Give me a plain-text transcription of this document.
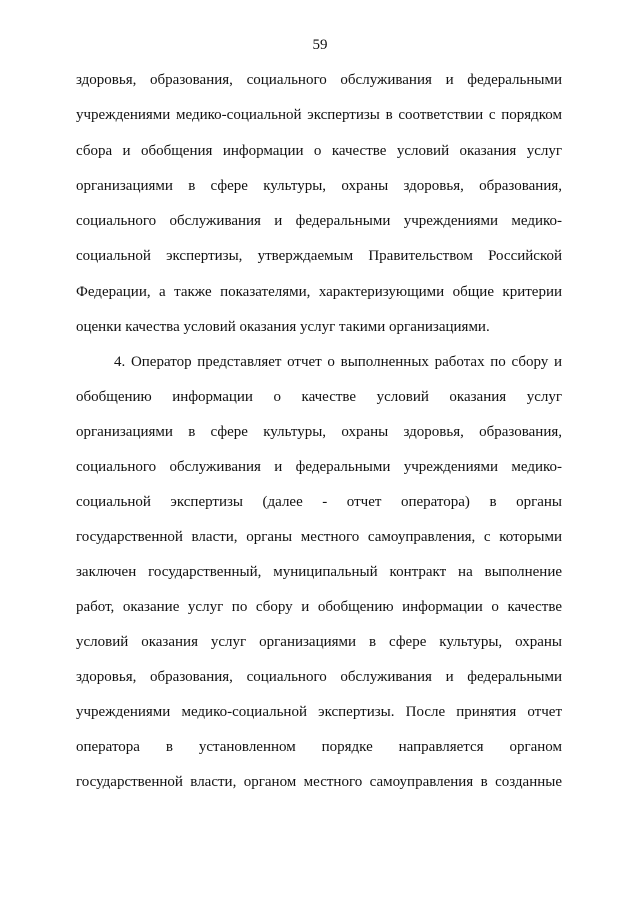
59
здоровья, образования, социального обслуживания и федеральными
учреждениями медико-социальной экспертизы в соответствии с порядком
сбора и обобщения информации о качестве условий оказания услуг
организациями в сфере культуры, охраны здоровья, образования,
социального обслуживания и федеральными учреждениями медико-
социальной экспертизы, утверждаемым Правительством Российской
Федерации, а также показателями, характеризующими общие критерии
оценки качества условий оказания услуг такими организациями.
4. Оператор представляет отчет о выполненных работах по сбору и
обобщению информации о качестве условий оказания услуг
организациями в сфере культуры, охраны здоровья, образования,
социального обслуживания и федеральными учреждениями медико-
социальной экспертизы (далее - отчет оператора) в органы
государственной власти, органы местного самоуправления, с которыми
заключен государственный, муниципальный контракт на выполнение
работ, оказание услуг по сбору и обобщению информации о качестве
условий оказания услуг организациями в сфере культуры, охраны
здоровья, образования, социального обслуживания и федеральными
учреждениями медико-социальной экспертизы. После принятия отчет
оператора в установленном порядке направляется органом
государственной власти, органом местного самоуправления в созданные
